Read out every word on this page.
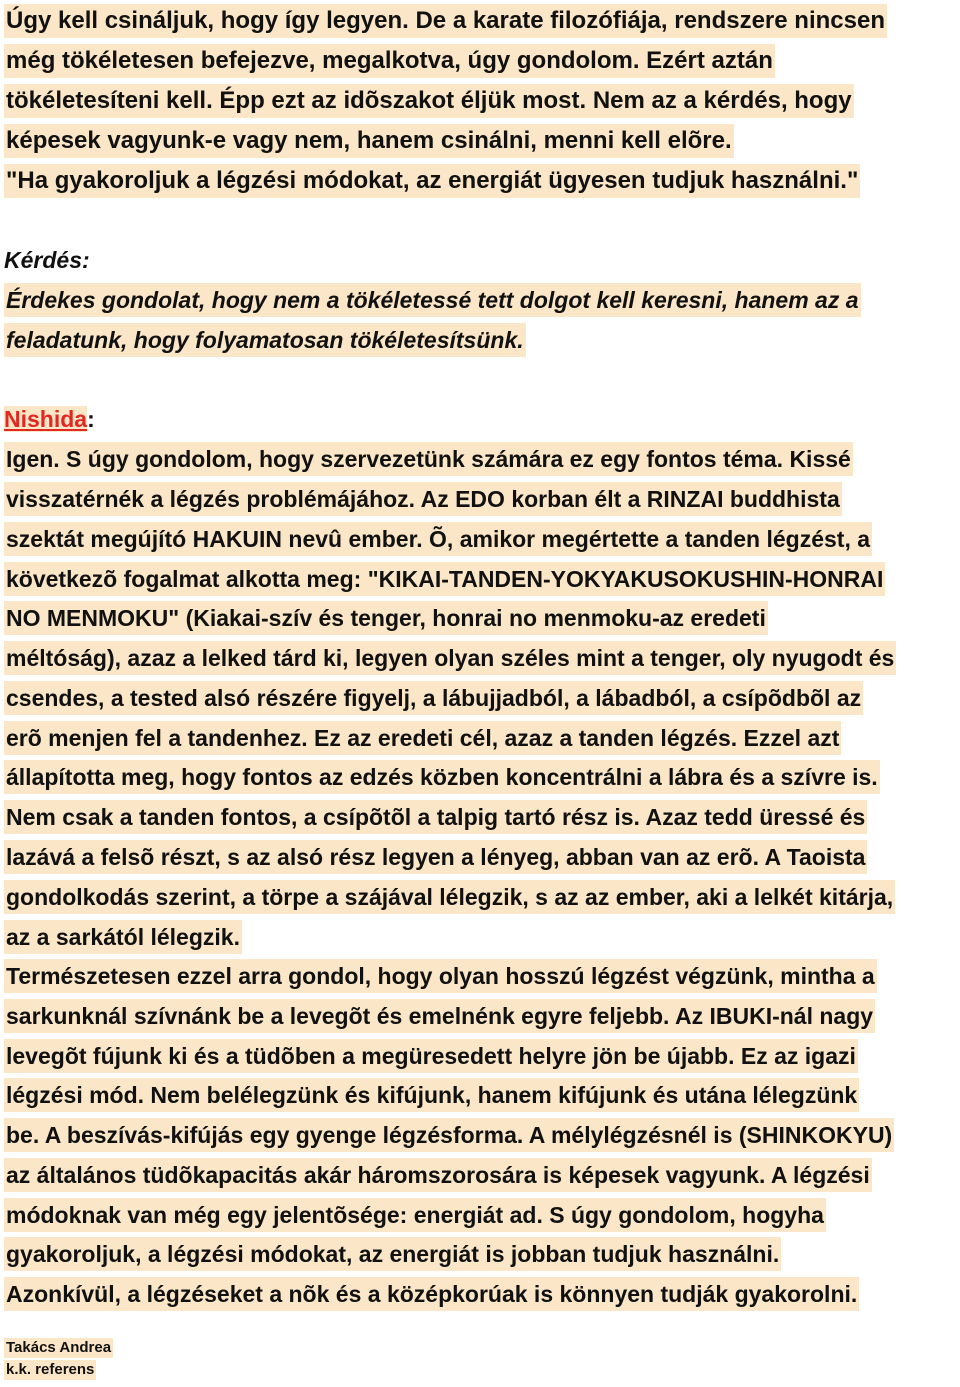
Úgy kell csináljuk, hogy így legyen. De a karate filozófiája, rendszere nincsen
még tökéletesen befejezve, megalkotva, úgy gondolom. Ezért aztán
tökéletesíteni kell. Épp ezt az idõszakot éljük most. Nem az a kérdés, hogy
képesek vagyunk-e vagy nem, hanem csinálni, menni kell elõre.
"Ha gyakoroljuk a légzési módokat, az energiát ügyesen tudjuk használni."
Kérdés:
Érdekes gondolat, hogy nem a tökéletessé tett dolgot kell keresni, hanem az a
feladatunk, hogy folyamatosan tökéletesítsünk.
Nishida:
Igen. S úgy gondolom, hogy szervezetünk számára ez egy fontos téma. Kissé
visszatérnék a légzés problémájához. Az EDO korban élt a RINZAI buddhista
szektát megújító HAKUIN nevû ember. Õ, amikor megértette a tanden légzést, a
következõ fogalmat alkotta meg: "KIKAI-TANDEN-YOKYAKUSOKUSHIN-HONRAI
NO MENMOKU" (Kiakai-szív és tenger, honrai no menmoku-az eredeti
méltóság), azaz a lelked tárd ki, legyen olyan széles mint a tenger, oly nyugodt és
csendes, a tested alsó részére figyelj, a lábujjadból, a lábadból, a csípõdbõl az
erõ menjen fel a tandenhez. Ez az eredeti cél, azaz a tanden légzés. Ezzel azt
állapította meg, hogy fontos az edzés közben koncentrálni a lábra és a szívre is.
Nem csak a tanden fontos, a csípõtõl a talpig tartó rész is. Azaz tedd üressé és
lazává a felsõ részt, s az alsó rész legyen a lényeg, abban van az erõ. A Taoista
gondolkodás szerint, a törpe a szájával lélegzik, s az az ember, aki a lelkét kitárja,
az a sarkától lélegzik.
Természetesen ezzel arra gondol, hogy olyan hosszú légzést végzünk, mintha a
sarkunknál szívnánk be a levegõt és emelnénk egyre feljebb. Az IBUKI-nál nagy
levegõt fújunk ki és a tüdõben a megüresedett helyre jön be újabb. Ez az igazi
légzési mód. Nem belélegzünk és kifújunk, hanem kifújunk és utána lélegzünk
be. A beszívás-kifújás egy gyenge légzésforma. A mélylégzésnél is (SHINKOKYU)
az általános tüdõkapacitás akár háromszorosára is képesek vagyunk. A légzési
módoknak van még egy jelentõsége: energiát ad. S úgy gondolom, hogyha
gyakoroljuk, a légzési módokat, az energiát is jobban tudjuk használni.
Azonkívül, a légzéseket a nõk és a középkorúak is könnyen tudják gyakorolni.
Takács Andrea
k.k. referens
